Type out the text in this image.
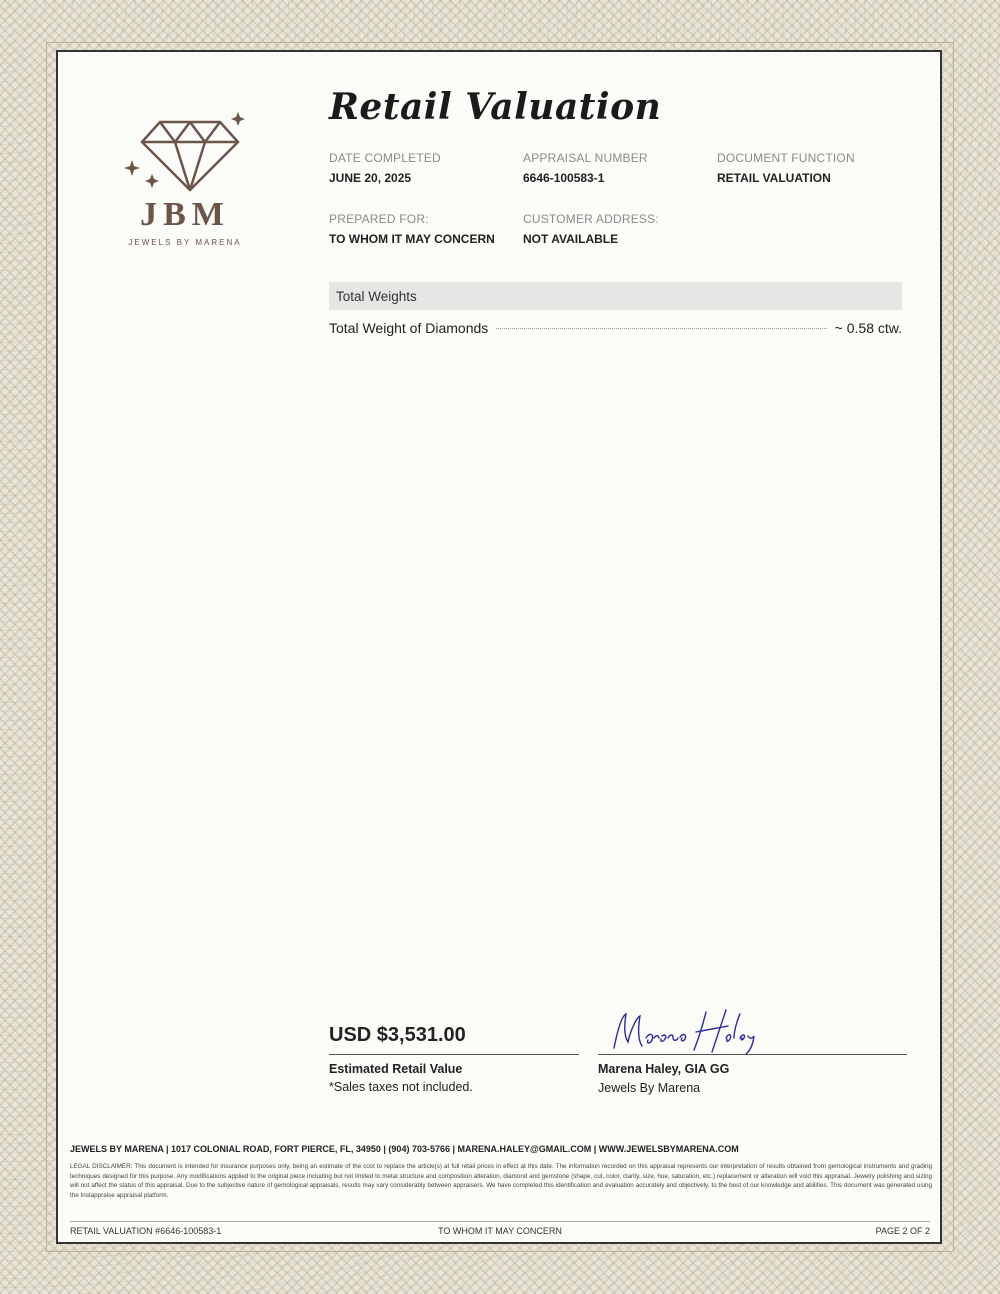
JBM
JEWELS BY MARENA
Retail Valuation
DATE COMPLETED
JUNE 20, 2025
APPRAISAL NUMBER
6646-100583-1
DOCUMENT FUNCTION
RETAIL VALUATION
PREPARED FOR:
TO WHOM IT MAY CONCERN
CUSTOMER ADDRESS:
NOT AVAILABLE
Total Weights
Total Weight of Diamonds	~ 0.58 ctw.
USD $3,531.00
Estimated Retail Value
*Sales taxes not included.
Marena Haley, GIA GG
Jewels By Marena
JEWELS BY MARENA | 1017 COLONIAL ROAD, FORT PIERCE, FL, 34950 | (904) 703-5766 | MARENA.HALEY@GMAIL.COM | WWW.JEWELSBYMARENA.COM
LEGAL DISCLAIMER: This document is intended for insurance purposes only, being an estimate of the cost to replace the article(s) at full retail prices in effect at this date. The information recorded on this appraisal represents our interpretation of results obtained from gemological instruments and grading techniques designed for this purpose. Any modifications applied to the original piece including but not limited to metal structure and composition alteration, diamond and gemstone (shape, cut, color, clarity, size, hue, saturation, etc.) replacement or alteration will void this appraisal. Jewelry polishing and sizing will not affect the status of this appraisal. Due to the subjective nature of gemological appraisals, results may vary considerably between appraisers. We have completed this identification and evaluation accurately and objectively, to the best of our knowledge and abilities. This document was generated using the Instappraise appraisal platform.
RETAIL VALUATION #6646-100583-1	TO WHOM IT MAY CONCERN	PAGE 2 OF 2
